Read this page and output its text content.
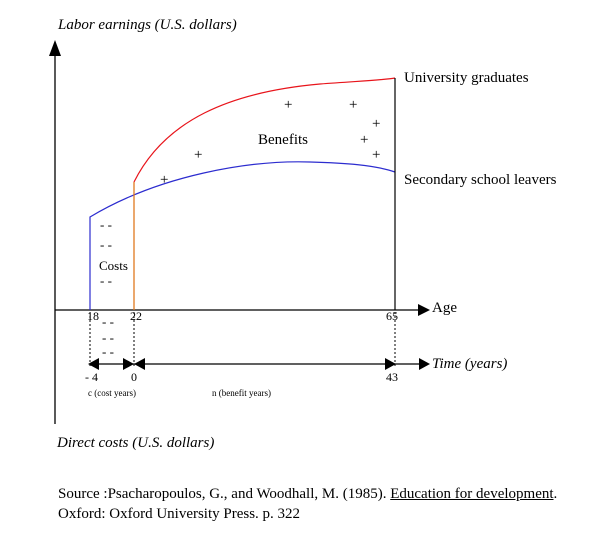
+	+
+
+
+
+
+
- -
- -
- -
- -
- -
- -
Labor earnings (U.S. dollars)
Direct costs (U.S. dollars)
Age
University graduates
Secondary school leavers
Benefits
Costs
18	22	65
Time (years)
- 4	0	43
c (cost years)	n (benefit years)
Source :Psacharopoulos, G., and Woodhall, M. (1985). Education for development. Oxford: Oxford University Press. p. 322
